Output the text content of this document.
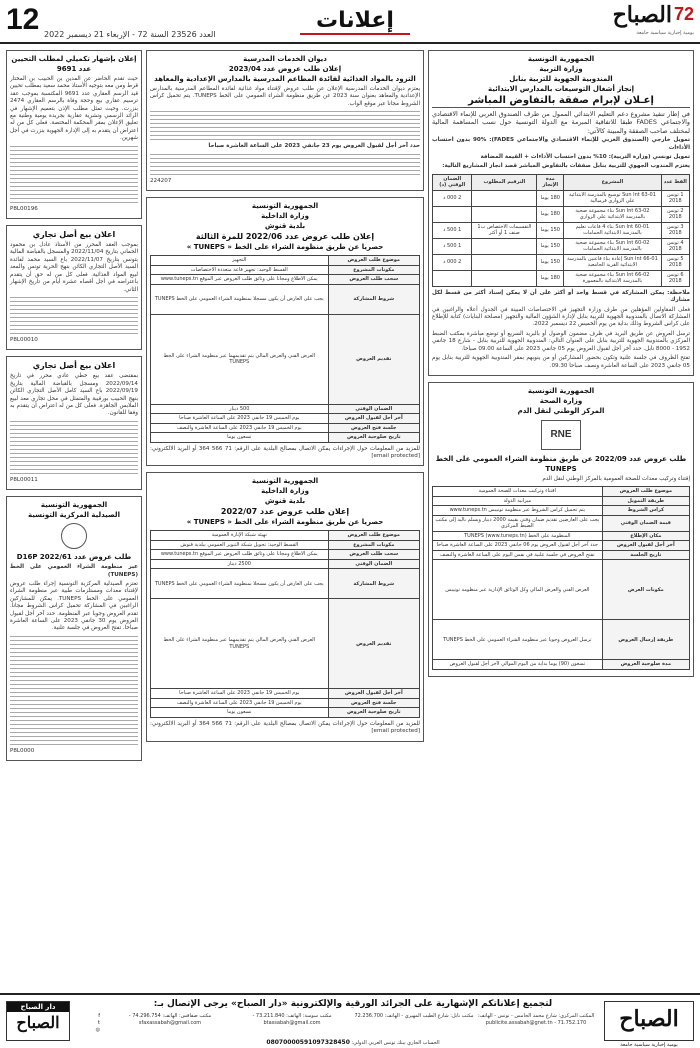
12 العدد 23526 السنة 72 - الإربعاء 21 ديسمبر 2022
إعلانات	الصباح 72
يومية إخبارية سياسية جامعة
الجمهورية التونسية
وزارة التربية
المندوبية الجهوية للتربية بنابل
إنجاز أشغال التوسيعات بالمدارس الابتدائية
إعـلان لإبرام صفقة بالتفاوض المباشر
في إطار تنفيذ مشروع دعم التعليم الابتدائي الممول من طرف الصندوق العربي للإنماء الاقتصادي والاجتماعي FADES طبقا للاتفاقية المبرمة مع الدولة التونسية حول نسب المساهمة المالية لمختلف صاحب الصفقة والمبينة كالآتي:
تمويل خارجي (الصندوق العربي للإنماء الاقتصادي والاجتماعي FADES): 90% بدون احتساب الأداءات
تمويل تونسي (وزارة التربية): 10% بدون احتساب الأداءات + القيمة المضافة
يعتزم المندوب الجهوي للتربية بنابل صفقات بالتفاوض المباشر قصد انجاز المشاريع التالية:
القط عدد	المشروع	مدة الإنجاز	الترقيم المطلوب	الضمان الوقتي (د)
1 تونس 2018	Sun Int 63-01 توسيع بالمدرسة الابتدائية علي الزواري قرمبالية	180 يوما		2 000 د
2 تونس 2018	Sun Int 63-02 بناء مجموعة صحية بالمدرسة الابتدائية علي الزواري	180 يوما		
3 تونس 2018	Sun Int 60-01 بناء 4 قاعات تعليم بالمدرسة الابتدائية الحمامات	150 يوما	التقسيمات الاختصاص ب1 صنف 1 أو أكثر	1 500 د
4 تونس 2018	Sun Int 60-02 بناء مجموعة صحية بالمدرسة الابتدائية الحمامات	150 يوما		1 500 د
5 تونس 2018	Sun Int 66-01 إعادة بناء قاعتين بالمدرسة الابتدائية القرية الجامعية	150 يوما		2 000 د
6 تونس 2018	Sun Int 66-02 بناء مجموعة صحية بالمدرسة الابتدائية بالمعمورة	180 يوما		
ملاحظة: يمكن المشاركة في قسط واحد أو أكثر على أن لا يمكن إسناد أكثر من قسط لكل مشارك
فعلى المقاولين المؤهلين من طرف وزارة التجهيز في الاختصاصات المبينة في الجدول أعلاه والراغبين في المشاركة الاتصال بالمندوبية الجهوية للتربية بنابل لإدارة الشؤون المالية والتجهيز (مصلحة البنايات) كتابة للإطلاع على كراس الشروط وذلك بداية من يوم الخميس 22 ديسمبر 2022.
ترسل العروض عن طريق البريد في ظرف مضمون الوصول أو بالبريد السريع أو توضع مباشرة بمكتب الضبط المركزي بالمندوبية الجهوية للتربية بنابل على العنوان التالي: المندوبية الجهوية للتربية بنابل - شارع 18 جانفي 1952 - 8000 نابل. حدد آخر أجل لقبول العروض يوم 05 جانفي 2023 على الساعة 09.00 صباحا.
تفتح الظروف في جلسة علنية وتكون بحضور المشاركين أو من ينوبهم بمقر المندوبية الجهوية للتربية بنابل يوم 05 جانفي 2023 على الساعة العاشرة ونصف صباحا 09.30.
الجمهورية التونسية
وزارة الصحة
المركز الوطني لنقل الدم
RNE
طلب عروض عدد 2022/09 عن طريق منظومة الشراء العمومي على الخط TUNEPS
إقتناء وتركيب معدات للصحة العمومية بالمركز الوطني لنقل الدم
موضوع طلب العروض	اقتناء وتركيب معدات للصحة العمومية
طريقة التمويل	ميزانية الدولة
كراس الشروط	يتم تحميل كراس الشروط عبر منظومة تونيبس www.tuneps.tn
قيمة الضمان الوقتي	يجب على العارضين تقديم ضمان وقتي بقيمة 2000 دينار ويسلم باليد إلى مكتب الضبط المركزي
مكان الإطلاع	المنظومة على الخط TUNEPS (www.tuneps.tn)
آخر أجل لقبول العروض	حدد آخر أجل لقبول العروض يوم 06 جانفي 2023 على الساعة العاشرة صباحا
تاريخ الجلسة	تفتح العروض في جلسة علنية في نفس اليوم على الساعة العاشرة والنصف
مكونات العرض	العرض الفني والعرض المالي وكل الوثائق الإدارية عبر منظومة تونيبس
طريقة إرسال العروض	ترسل العروض وجوبا عبر منظومة الشراء العمومي على الخط TUNEPS
مدة صلوحية العروض	تسعون (90) يوما بداية من اليوم الموالي لآخر أجل لقبول العروض
ديوان الخدمات المدرسية
إعلان طلب عروض عدد 2023/04
التزود بالمواد الغذائية لفائدة المطاعم المدرسية بالمدارس الإعدادية والمعاهد
يعتزم ديوان الخدمات المدرسية الإعلان عن طلب عروض لإقتناء مواد غذائية لفائدة المطاعم المدرسية بالمدارس الإعدادية والمعاهد بعنوان سنة 2023 عن طريق منظومة الشراء العمومي على الخط TUNEPS. يتم تحميل كراس الشروط مجانا عبر موقع الواب.
حدد آخر أجل لقبول العروض يوم 23 جانفي 2023 على الساعة العاشرة صباحا
224207
الجمهورية التونسية
وزارة الداخلية
بلدية قنوش
إعلان طلب عروض عدد 2022/06 للمرة الثالثة
حصريا عن طريق منظومة الشراء على الخط « TUNEPS »
موضوع طلب العروض	التجهيز
مكونات المشروع	القسط الوحيد: تجهيز قاعة متعددة الاختصاصات
سحب طلب العروض	يمكن الاطلاع ومجانا على وثائق طلب العروض عبر الموقع www.tuneps.tn
شروط المشاركة	يجب على العارض أن يكون مسجلا بمنظومة الشراء العمومي على الخط TUNEPS
تقديم العروض	العرض الفني والعرض المالي يتم تقديمهما عبر منظومة الشراء على الخط TUNEPS
الضمان الوقتي	500 دينار
آخر أجل لقبول العروض	يوم الخميس 19 جانفي 2023 على الساعة العاشرة صباحا
جلسة فتح العروض	يوم الخميس 19 جانفي 2023 على الساعة العاشرة والنصف
تاريخ صلوحية العروض	تسعون يوما
للمزيد من المعلومات حول الإجراءات يمكن الاتصال بمصالح البلدية على الرقم: 71 566 364 أو البريد الالكتروني: [email protected]
الجمهورية التونسية
وزارة الداخلية
بلدية قنوش
إعلان طلب عروض عدد 2022/07
حصريا عن طريق منظومة الشراء على الخط « TUNEPS »
موضوع طلب العروض	تهيئة شبكة الإنارة العمومية
مكونات المشروع	القسط الوحيد: تحويل شبكة التنوير العمومي ببلدية قنوش
سحب طلب العروض	يمكن الاطلاع ومجانا على وثائق طلب العروض عبر الموقع www.tuneps.tn
الضمان الوقتي	2500 دينار
شروط المشاركة	يجب على العارض أن يكون مسجلا بمنظومة الشراء العمومي على الخط TUNEPS
تقديم العروض	العرض الفني والعرض المالي يتم تقديمهما عبر منظومة الشراء على الخط TUNEPS
آخر أجل لقبول العروض	يوم الخميس 19 جانفي 2023 على الساعة العاشرة صباحا
جلسة فتح العروض	يوم الخميس 19 جانفي 2023 على الساعة العاشرة والنصف
تاريخ صلوحية العروض	تسعون يوما
للمزيد من المعلومات حول الإجراءات يمكن الاتصال بمصالح البلدية على الرقم: 71 566 364 أو البريد الالكتروني: [email protected]
إعلان بإشهار تكميلي لمطلب التحيين عدد 9691
حيث تقدم الحاضر عن المدين بن الحبيب بن المختار قرط ومن معه بتوجيه الأستاذ محمد سعيد بمطلب تحيين قيد الرسم العقاري عدد 9691 المكتسبة بموجب عقد ترسيم عقاري بيع وحجة وفاة بالرسم العقاري 2474 بنزرت. وحيث تمثل مطلب الإذن بتعميم الإشهار في الرائد الرسمي ونشرية عقارية بجريدة يومية وطنية مع تعليق الإعلان بمقر المحكمة المختصة. فعلى كل من له اعتراض أن يتقدم به إلى الإدارة الجهوية بنزرت في أجل شهرين.
P8L00196
اعلان بيع أصل تجاري
بموجب العقد المحرر من الأستاذ عادل بن محمود الحماني بتاريخ 2022/11/04 والمسجل بالقباضة المالية بتونس بتاريخ 2022/11/07 باع السيد محمد لفائدة السيد الأصل التجاري الكائن بنهج الحرية تونس والمعد لبيع المواد الغذائية. فعلى كل من له حق أن يتقدم باعتراضه في أجل أقصاه عشرة أيام من تاريخ الإشهار الثاني.
P8L00010
اعلان بيع أصل تجاري
بمقتضى عقد بيع خطي عادي محرر في تاريخ 2022/09/14 ومسجل بالقباضة المالية بتاريخ 2022/09/19 باع السيد كامل الأصل التجاري الكائن بنهج الحبيب بورقيبة والمتمثل في محل تجاري معد لبيع الملابس الجاهزة. فعلى كل من له اعتراض أن يتقدم به وفقا للقانون.
P8L00011
الجمهورية التونسية
الصيدلية المركزية التونسية
طلب عروض عدد 2022/61 D16P
عبر منظومة الشراء العمومي على الخط (TUNEPS)
تعتزم الصيدلية المركزية التونسية إجراء طلب عروض لإقتناء معدات ومستلزمات طبية عبر منظومة الشراء العمومي على الخط TUNEPS. يمكن للمشاركين الراغبين في المشاركة تحميل كراس الشروط مجانا. تقدم العروض وجوبا عبر المنظومة. حدد آخر أجل لقبول العروض يوم 30 جانفي 2023 على الساعة العاشرة صباحا. تفتح العروض في جلسة علنية.
P8L0000
الصباح
يومية إخبارية سياسية جامعة
لتجميع إعلاناتكم الإشهارية على الجرائد الورقية والإلكترونية «دار الصباح» يرجى الإتصال بـ:
المكتب المركزي: شارع محمد الخامس - تونس - الهاتف: 71.752.170 - publicite.assabah@gnet.tn
مكتب نابل: شارع الطيب المهيري - الهاتف: 72.236.700
مكتب سوسة: الهاتف: 73.211.840 - btassabah@gmail.com
مكتب صفاقس: الهاتف: 74.296.754 - sfaxassabah@gmail.com
الحساب الجاري ببنك تونس العربي الدولي: 08070000591097328450
f
t
◎
دار الصباح
الصباح
